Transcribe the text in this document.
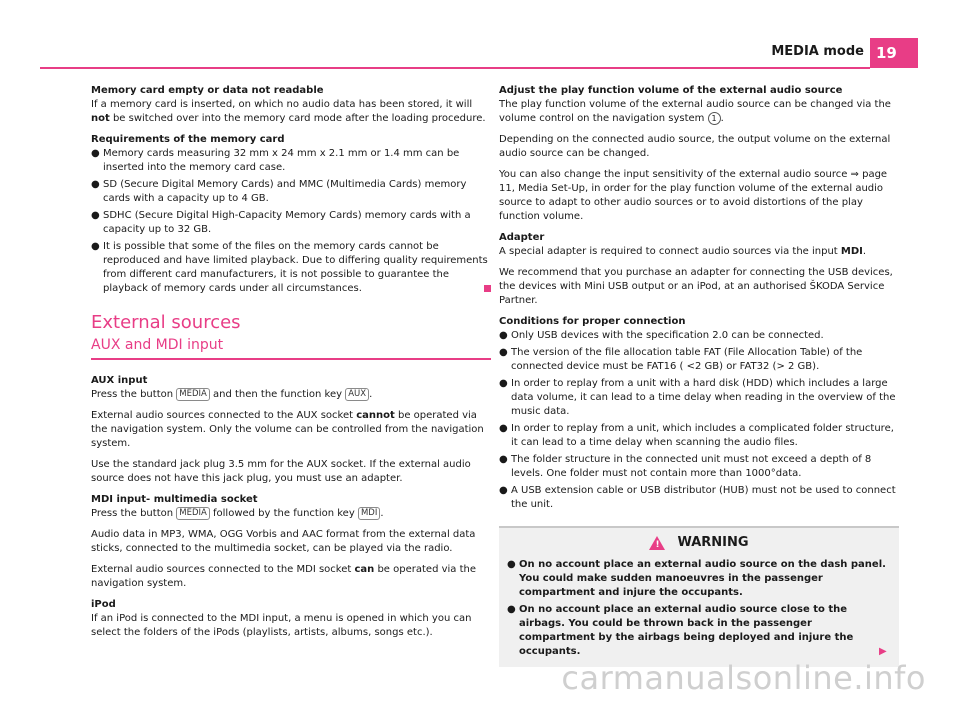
MEDIA mode 19

Memory card empty or data not readable

If a memory card is inserted, on which no audio data has been stored, it will not be switched over into the memory card mode after the loading procedure.

Requirements of the memory card

● Memory cards measuring 32 mm x 24 mm x 2.1 mm or 1.4 mm can be inserted into the memory card case.

● SD (Secure Digital Memory Cards) and MMC (Multimedia Cards) memory cards with a capacity up to 4 GB.

● SDHC (Secure Digital High-Capacity Memory Cards) memory cards with a capacity up to 32 GB.

● It is possible that some of the files on the memory cards cannot be reproduced and have limited playback. Due to differing quality requirements from different card manufacturers, it is not possible to guarantee the playback of memory cards under all circumstances.

External sources
AUX and MDI input

AUX input

Press the button MEDIA and then the function key AUX .

External audio sources connected to the AUX socket cannot be operated via the navigation system. Only the volume can be controlled from the navigation system.

Use the standard jack plug 3.5 mm for the AUX socket. If the external audio source does not have this jack plug, you must use an adapter.

MDI input- multimedia socket

Press the button MEDIA followed by the function key MDI .

Audio data in MP3, WMA, OGG Vorbis and AAC format from the external data sticks, connected to the multimedia socket, can be played via the radio.

External audio sources connected to the MDI socket can be operated via the navigation system.

iPod

If an iPod is connected to the MDI input, a menu is opened in which you can select the folders of the iPods (playlists, artists, albums, songs etc.).

Adjust the play function volume of the external audio source

The play function volume of the external audio source can be changed via the volume control on the navigation system 1 .

Depending on the connected audio source, the output volume on the external audio source can be changed.

You can also change the input sensitivity of the external audio source ⇒ page 11, Media Set-Up, in order for the play function volume of the external audio source to adapt to other audio sources or to avoid distortions of the play function volume.

Adapter

A special adapter is required to connect audio sources via the input MDI.

We recommend that you purchase an adapter for connecting the USB devices, the devices with Mini USB output or an iPod, at an authorised ŠKODA Service Partner.

Conditions for proper connection

● Only USB devices with the specification 2.0 can be connected.

● The version of the file allocation table FAT (File Allocation Table) of the connected device must be FAT16 ( <2 GB) or FAT32 (> 2 GB).

● In order to replay from a unit with a hard disk (HDD) which includes a large data volume, it can lead to a time delay when reading in the overview of the music data.

● In order to replay from a unit, which includes a complicated folder structure, it can lead to a time delay when scanning the audio files.

● The folder structure in the connected unit must not exceed a depth of 8 levels. One folder must not contain more than 1000°data.

● A USB extension cable or USB distributor (HUB) must not be used to connect the unit.

! WARNING

● On no account place an external audio source on the dash panel. You could make sudden manoeuvres in the passenger compartment and injure the occupants.

● On no account place an external audio source close to the airbags. You could be thrown back in the passenger compartment by the airbags being deployed and injure the occupants.	▶

carmanualsonline.info
